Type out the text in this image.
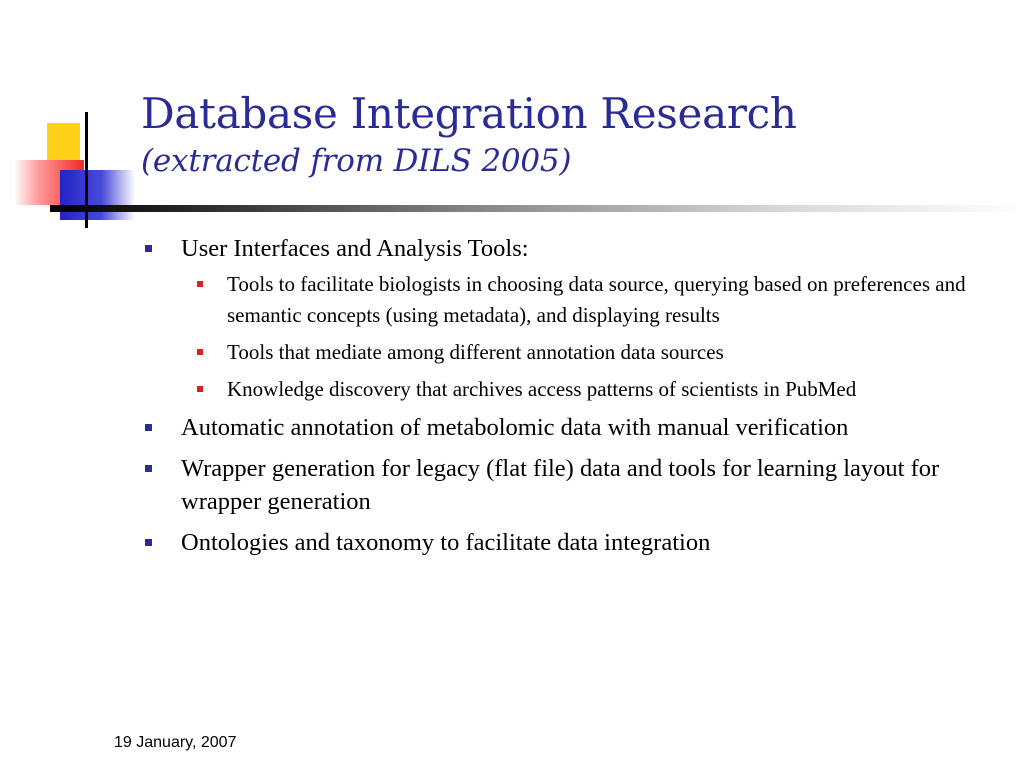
Database Integration Research
(extracted from DILS 2005)
User Interfaces and Analysis Tools:
Tools to facilitate biologists in choosing data source, querying based on preferences and semantic concepts (using metadata), and displaying results
Tools that mediate among different annotation data sources
Knowledge discovery that archives access patterns of scientists in PubMed
Automatic annotation of metabolomic data with manual verification
Wrapper generation for legacy (flat file) data and tools for learning layout for wrapper generation
Ontologies and taxonomy to facilitate data integration
19 January, 2007
